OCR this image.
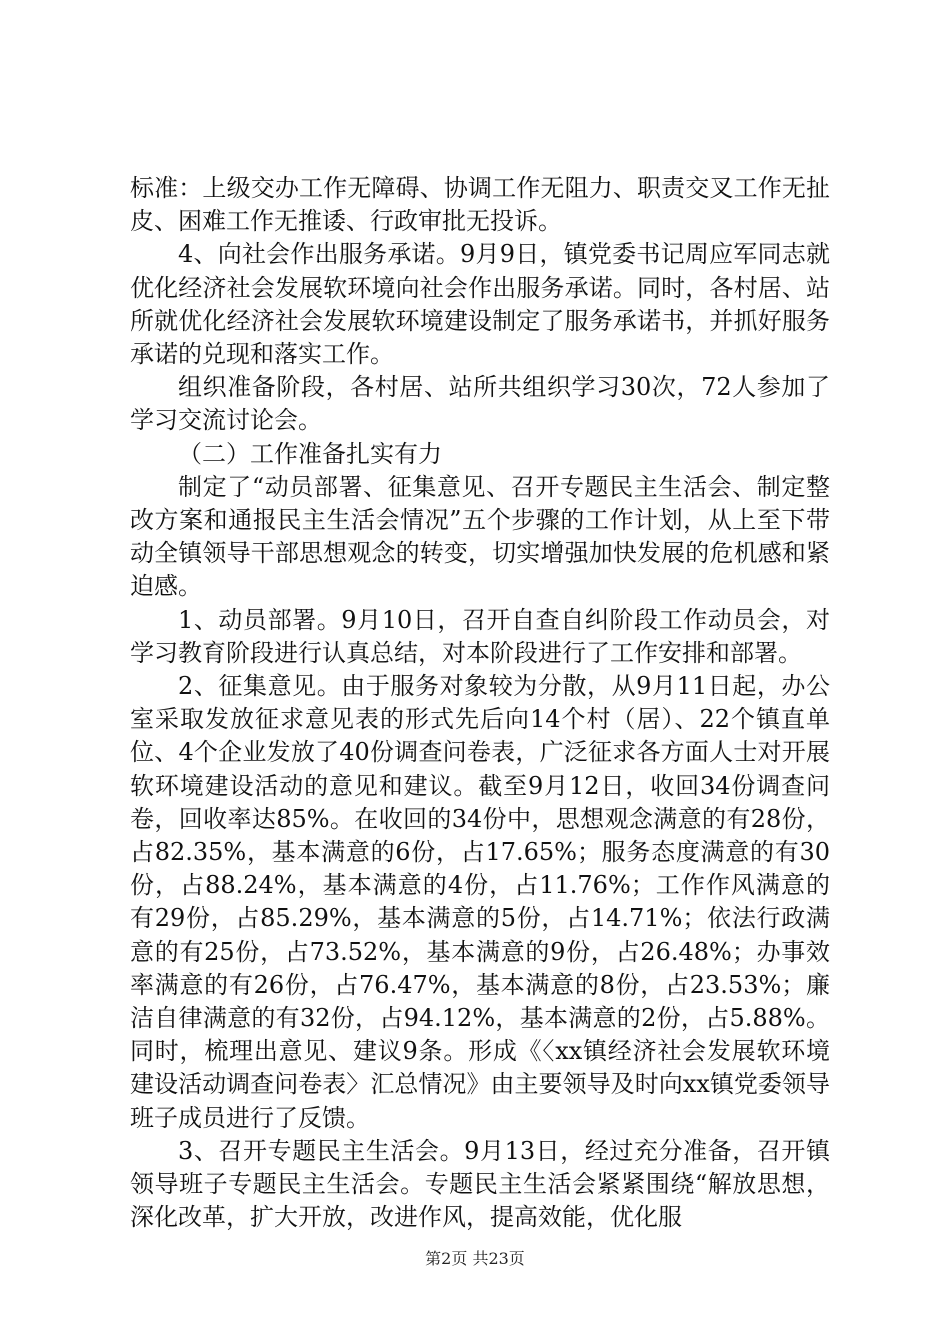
标准：上级交办工作无障碍、协调工作无阻力、职责交叉工作无扯皮、困难工作无推诿、行政审批无投诉。

4、向社会作出服务承诺。9月9日，镇党委书记周应军同志就优化经济社会发展软环境向社会作出服务承诺。同时，各村居、站所就优化经济社会发展软环境建设制定了服务承诺书，并抓好服务承诺的兑现和落实工作。

组织准备阶段，各村居、站所共组织学习30次，72人参加了学习交流讨论会。

（二）工作准备扎实有力

制定了“动员部署、征集意见、召开专题民主生活会、制定整改方案和通报民主生活会情况”五个步骤的工作计划，从上至下带动全镇领导干部思想观念的转变，切实增强加快发展的危机感和紧迫感。

1、动员部署。9月10日，召开自查自纠阶段工作动员会，对学习教育阶段进行认真总结，对本阶段进行了工作安排和部署。

2、征集意见。由于服务对象较为分散，从9月11日起，办公室采取发放征求意见表的形式先后向14个村（居）、22个镇直单位、4个企业发放了40份调查问卷表，广泛征求各方面人士对开展软环境建设活动的意见和建议。截至9月12日，收回34份调查问卷，回收率达85%。在收回的34份中，思想观念满意的有28份，占82.35%，基本满意的6份，占17.65%；服务态度满意的有30份，占88.24%，基本满意的4份，占11.76%；工作作风满意的有29份，占85.29%，基本满意的5份，占14.71%；依法行政满意的有25份，占73.52%，基本满意的9份，占26.48%；办事效率满意的有26份，占76.47%，基本满意的8份，占23.53%；廉洁自律满意的有32份，占94.12%，基本满意的2份，占5.88%。同时，梳理出意见、建议9条。形成《〈xx镇经济社会发展软环境建设活动调查问卷表〉汇总情况》由主要领导及时向xx镇党委领导班子成员进行了反馈。

3、召开专题民主生活会。9月13日，经过充分准备，召开镇领导班子专题民主生活会。专题民主生活会紧紧围绕“解放思想，深化改革，扩大开放，改进作风，提高效能，优化服

第2页 共23页
